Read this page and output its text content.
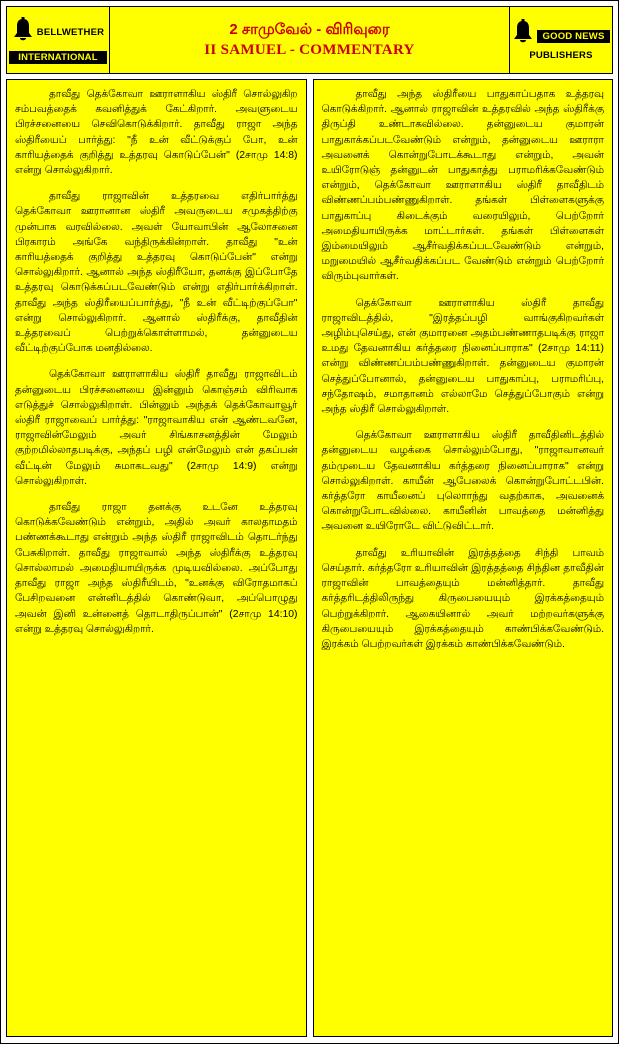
BELLWETHER
INTERNATIONAL
2 சாமுவேல் - விரிவுரை
II SAMUEL - COMMENTARY
GOOD NEWS
PUBLISHERS

தாவீது தெக்கோவா ஊராளாகிய ஸ்திரீ சொல்லுகிற சம்பவத்தைக் கவனித்துக் கேட்கிறார். அவளுடைய பிரச்சனையை செவிகொடுக்கிறார். தாவீது ராஜா அந்த ஸ்திரீயைப் பார்த்து: "நீ உன் வீட்டுக்குப் போ, உன் காரியத்தைக் குறித்து உத்தரவு கொடுப்பேன்" (2சாமு 14:8) என்று சொல்லுகிறார்.

தாவீது ராஜாவின் உத்தரவை எதிர்பார்த்து தெக்கோவா ஊரானான ஸ்திரீ அவருடைய சமுகத்திற்கு முன்பாக வரவில்லை. அவள் யோவாபின் ஆலோசனை பிரகாரம் அங்கே வந்திருக்கின்றாள். தாவீது "உன் காரியத்தைக் குறித்து உத்தரவு கொடுப்பேன்" என்று சொல்லுகிறார். ஆனால் அந்த ஸ்திரீயோ, தனக்கு இப்போதே உத்தரவு கொடுக்கப்படவேண்டும் என்று எதிர்பார்க்கிறாள். தாவீது அந்த ஸ்திரீயைப்பார்த்து, "நீ உன் வீட்டிற்குப்போ" என்று சொல்லுகிறார். ஆனால் ஸ்திரீக்கு, தாவீதின் உத்தரவைப் பெற்றுக்கொள்ளாமல், தன்னுடைய வீட்டிற்குப்போக மனதில்லை.

தெக்கோவா ஊராளாகிய ஸ்திரீ தாவீது ராஜாவிடம் தன்னுடைய பிரச்சனையை இன்னும் கொஞ்சம் விரிவாக எடுத்துச் சொல்லுகிறாள். பின்னும் அந்தக் தெக்கோவாவூர் ஸ்திரீ ராஜாவைப் பார்த்து: "ராஜாவாகிய என் ஆண்டவனே, ராஜாவின்மேலும் அவர் சிங்காசனத்தின் மேலும் குற்றமில்லாதபடிக்கு, அந்தப் பழி என்மேலும் என் தகப்பன் வீட்டின் மேலும் சுமாகடவது" (2சாமு 14:9) என்று சொல்லுகிறாள்.

தாவீது ராஜா தனக்கு உடனே உத்தரவு கொடுக்கவேண்டும் என்றும், அதில் அவர் காலதாமதம் பண்ணக்கூடாது என்றும் அந்த ஸ்திரீ ராஜாவிடம் தொடர்ந்து பேசுகிறாள். தாவீது ராஜாவால் அந்த ஸ்திரீக்கு உத்தரவு சொல்லாமல் அமைதியாயிருக்க முடியவில்லை. அப்போது தாவீது ராஜா அந்த ஸ்திரீயிடம், "உனக்கு விரோதமாகப் பேசிறவனை என்னிடத்தில் கொண்டுவா, அப்பொழுது அவன் இனி உன்னைத் தொடாதிருப்பான்" (2சாமு 14:10) என்று உத்தரவு சொல்லுகிறார்.

தாவீது அந்த ஸ்திரீயை பாதுகாப்பதாக உத்தரவு கொடுக்கிறார். ஆனால் ராஜாவின் உத்தரவில் அந்த ஸ்திரீக்கு திருப்தி உண்டாகவில்லை. தன்னுடைய குமாரன் பாதுகாக்கப்படவேண்டும் என்றும், தன்னுடைய ஊராரா அவனைக் கொன்றுபோடக்கூடாது என்றும், அவன் உயிரோடுஞ் தன்னுடன் பாதுகாத்து பராமரிக்கவேண்டும் என்றும், தெக்கோவா ஊராளாகிய ஸ்திரீ தாவீதிடம் விண்ணப்பம்பண்ணுகிறாள். தங்கள் பிள்ளைகளுக்கு பாதுகாப்பு கிடைக்கும் வரையிலும், பெற்றோர் அமைதியாயிருக்க மாட்டார்கள். தங்கள் பிள்ளைகள் இம்மையிலும் ஆசீர்வதிக்கப்படவேண்டும் என்றும், மறுமையில் ஆசீர்வதிக்கப்பட வேண்டும் என்றும் பெற்றோர் விரும்புவார்கள்.

தெக்கோவா ஊராளாகிய ஸ்திரீ தாவீது ராஜாவிடத்தில், "இரத்தப்பழி வாங்குகிறவர்கள் அழிம்புசெய்து, என் குமாரனை அதம்பண்ணாதபடிக்கு ராஜா உமது தேவனாகிய கர்த்தரை நினைப்பாராக" (2சாமு 14:11) என்று விண்ணப்பம்பண்ணுகிறாள். தன்னுடைய குமாரன் செத்துப்போனால், தன்னுடைய பாதுகாப்பு, பராமரிப்பு, சந்தோஷம், சமாதானம் எல்லாமே செத்துப்போகும் என்று அந்த ஸ்திரீ சொல்லுகிறாள்.

தெக்கோவா ஊராளாகிய ஸ்திரீ தாவீதினிடத்தில் தன்னுடைய வழக்கை சொல்லும்போது, "ராஜாவானவர் தம்முடைய தேவனாகிய கர்த்தரை நினைப்பாராக" என்று சொல்லுகிறாள். காயீன் ஆபேலைக் கொன்றுபோட்டபின். கர்த்தரோ காயீனைப் புலொாந்து வதற்காக, அவனைக் கொன்றுபோடவில்லை. காயீனின் பாவத்தை மன்னித்து அவனை உயிரோடே விட்டுவிட்டார்.

தாவீது உரியாவின் இரத்தத்தை சிந்தி பாவம் செய்தார். கர்த்தரோ உரியாவின் இரத்தத்தை சிந்தின தாவீதின் ராஜாவின் பாவத்தையும் மன்னித்தார். தாவீது கர்த்தரிடத்திலிருந்து கிருபையையும் இரக்கத்தையும் பெற்றுக்கிறார். ஆகையினால் அவர் மற்றவர்களுக்கு கிருபையையும் இரக்கத்தையும் காண்பிக்கவேண்டும். இரக்கம் பெற்றவர்கள் இரக்கம் காண்பிக்கவேண்டும்.
